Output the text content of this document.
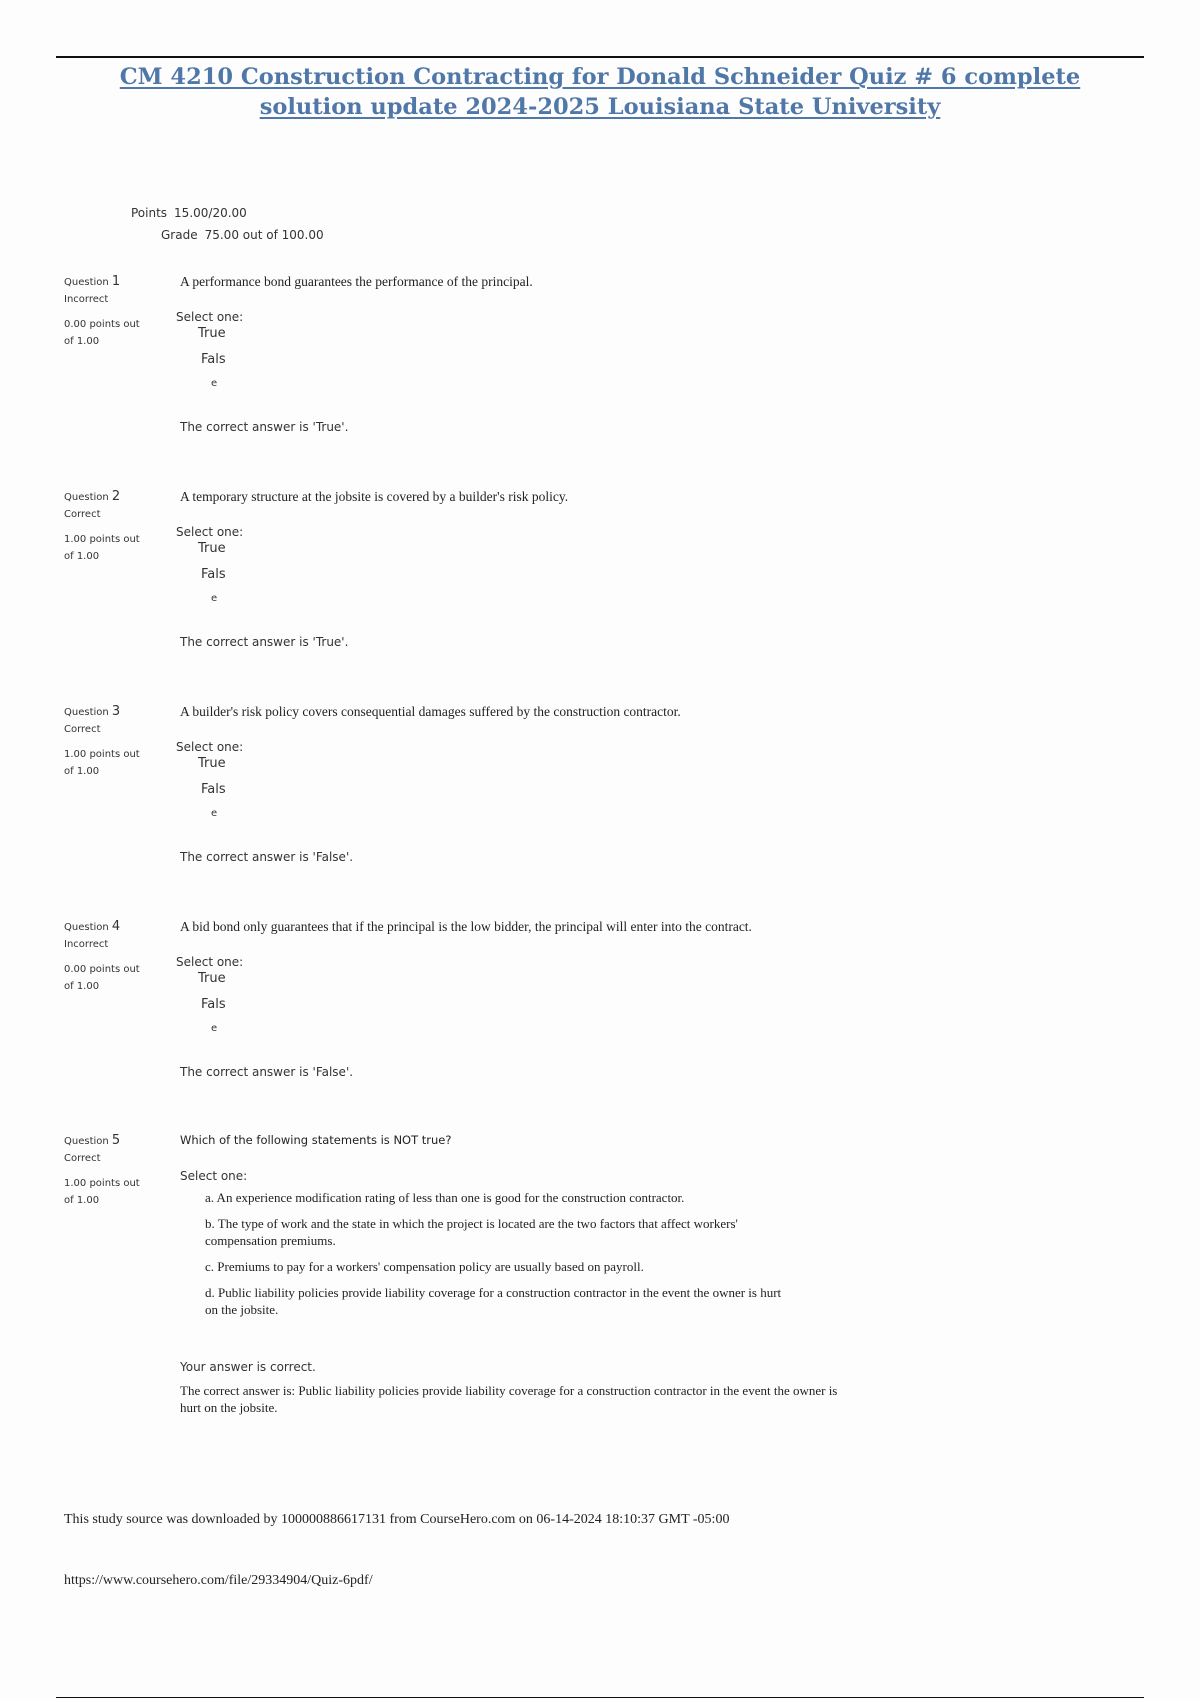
CM 4210 Construction Contracting for Donald Schneider Quiz # 6 complete
solution update 2024-2025 Louisiana State University
Points 15.00/20.00
Grade 75.00 out of 100.00
Question 1
Incorrect
0.00 points out of 1.00
A performance bond guarantees the performance of the principal.
Select one:
True
Fals
e
The correct answer is 'True'.
Question 2
Correct
1.00 points out of 1.00
A temporary structure at the jobsite is covered by a builder's risk policy.
Select one:
True
Fals
e
The correct answer is 'True'.
Question 3
Correct
1.00 points out of 1.00
A builder's risk policy covers consequential damages suffered by the construction contractor.
Select one:
True
Fals
e
The correct answer is 'False'.
Question 4
Incorrect
0.00 points out of 1.00
A bid bond only guarantees that if the principal is the low bidder, the principal will enter into the contract.
Select one:
True
Fals
e
The correct answer is 'False'.
Question 5
Correct
1.00 points out of 1.00
Which of the following statements is NOT true?
Select one:
a. An experience modification rating of less than one is good for the construction contractor.
b. The type of work and the state in which the project is located are the two factors that affect workers' compensation premiums.
c. Premiums to pay for a workers' compensation policy are usually based on payroll.
d. Public liability policies provide liability coverage for a construction contractor in the event the owner is hurt on the jobsite.
Your answer is correct.
The correct answer is: Public liability policies provide liability coverage for a construction contractor in the event the owner is hurt on the jobsite.
This study source was downloaded by 100000886617131 from CourseHero.com on 06-14-2024 18:10:37 GMT -05:00
https://www.coursehero.com/file/29334904/Quiz-6pdf/
